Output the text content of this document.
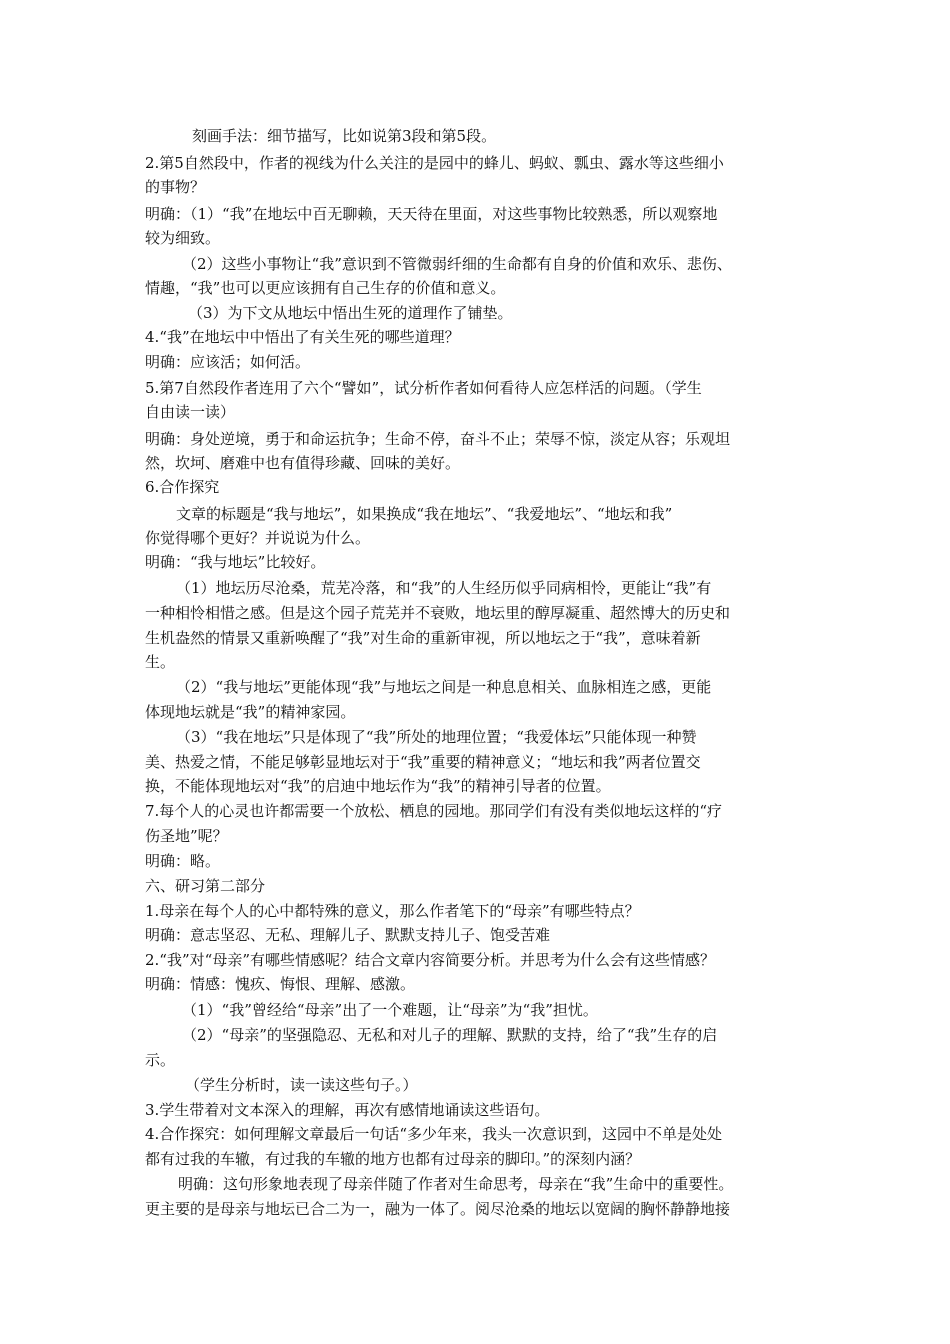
刻画手法：细节描写，比如说第3段和第5段。
2.第5自然段中，作者的视线为什么关注的是园中的蜂儿、蚂蚁、瓢虫、露水等这些细小
的事物？
明确：（1）“我”在地坛中百无聊赖，天天待在里面，对这些事物比较熟悉，所以观察地
较为细致。
（2）这些小事物让“我”意识到不管微弱纤细的生命都有自身的价值和欢乐、悲伤、
情趣，“我”也可以更应该拥有自己生存的价值和意义。
（3）为下文从地坛中悟出生死的道理作了铺垫。
4.“我”在地坛中中悟出了有关生死的哪些道理？
明确：应该活；如何活。
5.第7自然段作者连用了六个“譬如”，试分析作者如何看待人应怎样活的问题。（学生
自由读一读）
明确：身处逆境，勇于和命运抗争；生命不停，奋斗不止；荣辱不惊，淡定从容；乐观坦
然，坎坷、磨难中也有值得珍藏、回味的美好。
6.合作探究
文章的标题是“我与地坛”，如果换成“我在地坛”、“我爱地坛”、“地坛和我”
你觉得哪个更好？并说说为什么。
明确：“我与地坛”比较好。
（1）地坛历尽沧桑，荒芜冷落，和“我”的人生经历似乎同病相怜，更能让“我”有
一种相怜相惜之感。但是这个园子荒芜并不衰败，地坛里的醇厚凝重、超然博大的历史和
生机盎然的情景又重新唤醒了“我”对生命的重新审视，所以地坛之于“我”，意味着新
生。
（2）“我与地坛”更能体现“我”与地坛之间是一种息息相关、血脉相连之感，更能
体现地坛就是“我”的精神家园。
（3）“我在地坛”只是体现了“我”所处的地理位置；“我爱体坛”只能体现一种赞
美、热爱之情，不能足够彰显地坛对于“我”重要的精神意义；“地坛和我”两者位置交
换，不能体现地坛对“我”的启迪中地坛作为“我”的精神引导者的位置。
7.每个人的心灵也许都需要一个放松、栖息的园地。那同学们有没有类似地坛这样的“疗
伤圣地”呢？
明确：略。
六、研习第二部分
1.母亲在每个人的心中都特殊的意义，那么作者笔下的“母亲”有哪些特点？
明确：意志坚忍、无私、理解儿子、默默支持儿子、饱受苦难
2.“我”对“母亲”有哪些情感呢？结合文章内容简要分析。并思考为什么会有这些情感？
明确：情感：愧疚、悔恨、理解、感激。
（1）“我”曾经给“母亲”出了一个难题，让“母亲”为“我”担忧。
（2）“母亲”的坚强隐忍、无私和对儿子的理解、默默的支持，给了“我”生存的启
示。
（学生分析时，读一读这些句子。）
3.学生带着对文本深入的理解，再次有感情地诵读这些语句。
4.合作探究：如何理解文章最后一句话“多少年来，我头一次意识到，这园中不单是处处
都有过我的车辙，有过我的车辙的地方也都有过母亲的脚印。”的深刻内涵？
明确：这句形象地表现了母亲伴随了作者对生命思考，母亲在“我”生命中的重要性。
更主要的是母亲与地坛已合二为一，融为一体了。阅尽沧桑的地坛以宽阔的胸怀静静地接
